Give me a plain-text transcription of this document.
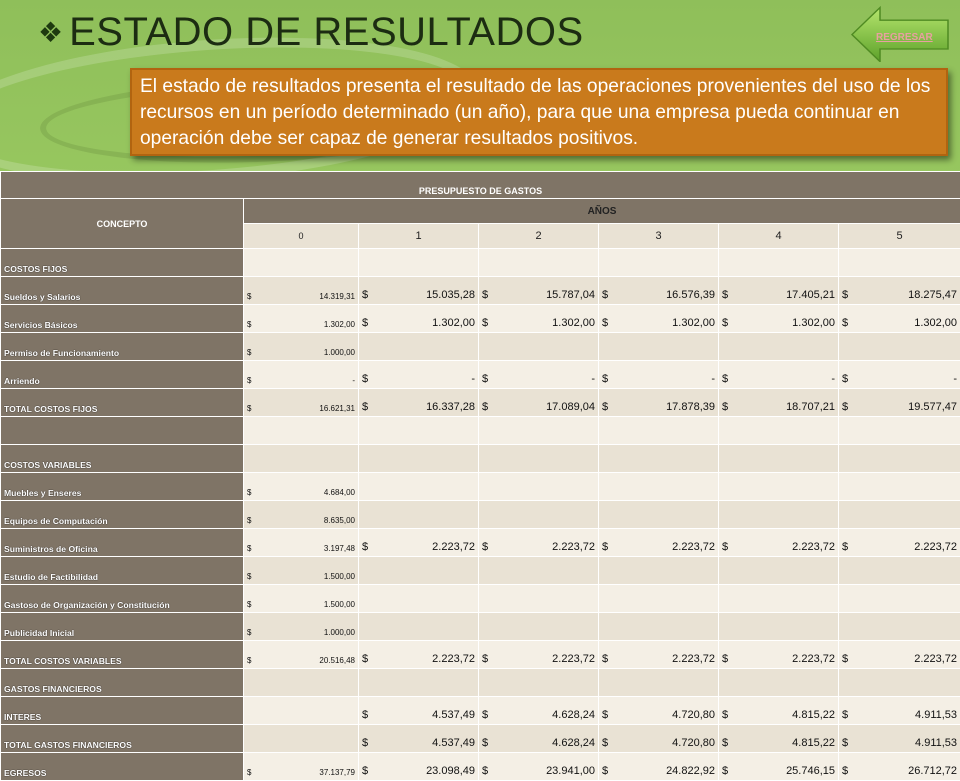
❖ ESTADO DE RESULTADOS	REGRESAR
El estado de resultados presenta el resultado de las operaciones provenientes del uso de los recursos en un período determinado (un año), para que una empresa pueda continuar en operación debe ser capaz de generar resultados positivos.
PRESUPUESTO DE GASTOS						
CONCEPTO	AÑOS					
	0	1	2	3	4	5
COSTOS FIJOS						
Sueldos y Salarios	$ 14.319,31	$ 15.035,28	$ 15.787,04	$ 16.576,39	$ 17.405,21	$ 18.275,47

Servicios Básicos	$ 1.302,00	$ 1.302,00	$ 1.302,00	$ 1.302,00	$ 1.302,00	$ 1.302,00

Permiso de Funcionamiento	$ 1.000,00					

Arriendo	$ -	$ -	$ -	$ -	$ -	$ -

TOTAL COSTOS FIJOS	$ 16.621,31	$ 16.337,28	$ 17.089,04	$ 17.878,39	$ 18.707,21	$ 19.577,47

COSTOS VARIABLES						
Muebles y Enseres	$ 4.684,00					

Equipos de Computación	$ 8.635,00					

Suministros de Oficina	$ 3.197,48	$ 2.223,72	$ 2.223,72	$ 2.223,72	$ 2.223,72	$ 2.223,72

Estudio de Factibilidad	$ 1.500,00					

Gastoso de Organización y Constitución	$ 1.500,00					

Publicidad Inicial	$ 1.000,00					

TOTAL COSTOS VARIABLES	$ 20.516,48	$ 2.223,72	$ 2.223,72	$ 2.223,72	$ 2.223,72	$ 2.223,72

GASTOS FINANCIEROS						
INTERES		$ 4.537,49	$ 4.628,24	$ 4.720,80	$ 4.815,22	$ 4.911,53

TOTAL GASTOS FINANCIEROS		$ 4.537,49	$ 4.628,24	$ 4.720,80	$ 4.815,22	$ 4.911,53

EGRESOS	$ 37.137,79	$ 23.098,49	$ 23.941,00	$ 24.822,92	$ 25.746,15	$ 26.712,72
